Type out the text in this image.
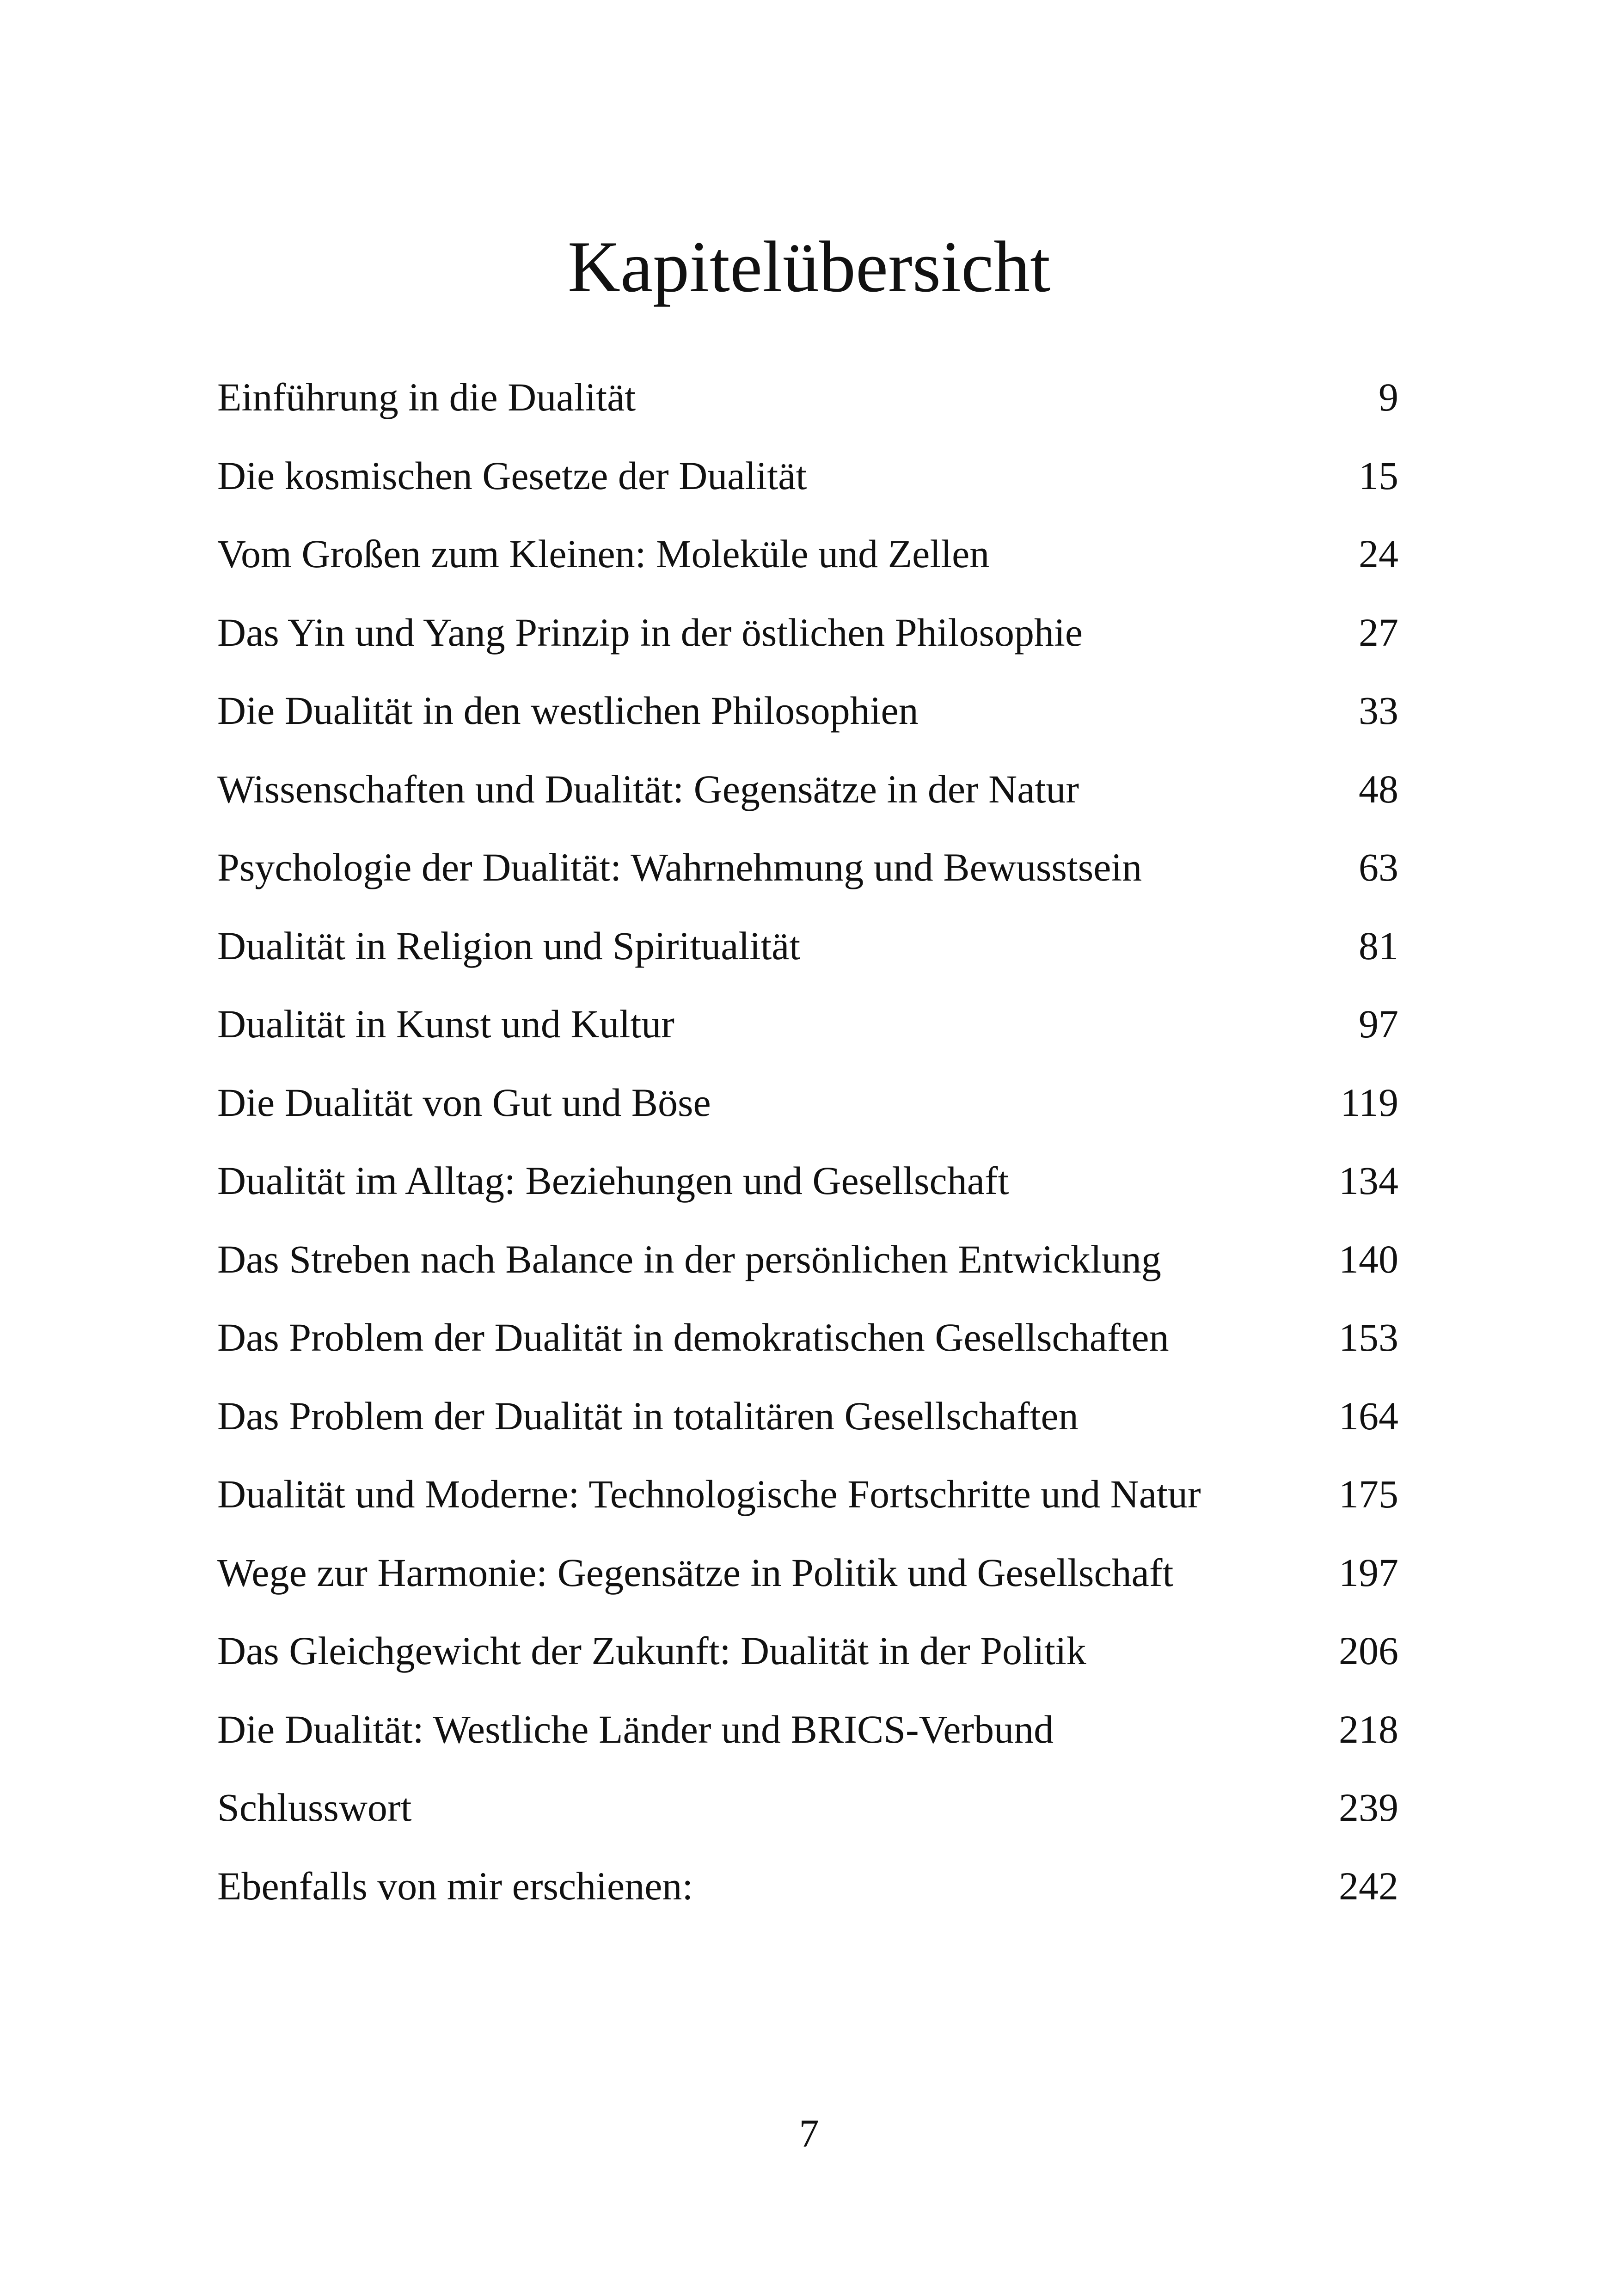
Kapitelübersicht
Einführung in die Dualität	9
Die kosmischen Gesetze der Dualität	15
Vom Großen zum Kleinen: Moleküle und Zellen	24
Das Yin und Yang Prinzip in der östlichen Philosophie	27
Die Dualität in den westlichen Philosophien	33
Wissenschaften und Dualität: Gegensätze in der Natur	48
Psychologie der Dualität: Wahrnehmung und Bewusstsein	63
Dualität in Religion und Spiritualität	81
Dualität in Kunst und Kultur	97
Die Dualität von Gut und Böse	119
Dualität im Alltag: Beziehungen und Gesellschaft	134
Das Streben nach Balance in der persönlichen Entwicklung	140
Das Problem der Dualität in demokratischen Gesellschaften	153
Das Problem der Dualität in totalitären Gesellschaften	164
Dualität und Moderne: Technologische Fortschritte und Natur	175
Wege zur Harmonie: Gegensätze in Politik und Gesellschaft	197
Das Gleichgewicht der Zukunft: Dualität in der Politik	206
Die Dualität: Westliche Länder und BRICS-Verbund	218
Schlusswort	239
Ebenfalls von mir erschienen:	242
7
